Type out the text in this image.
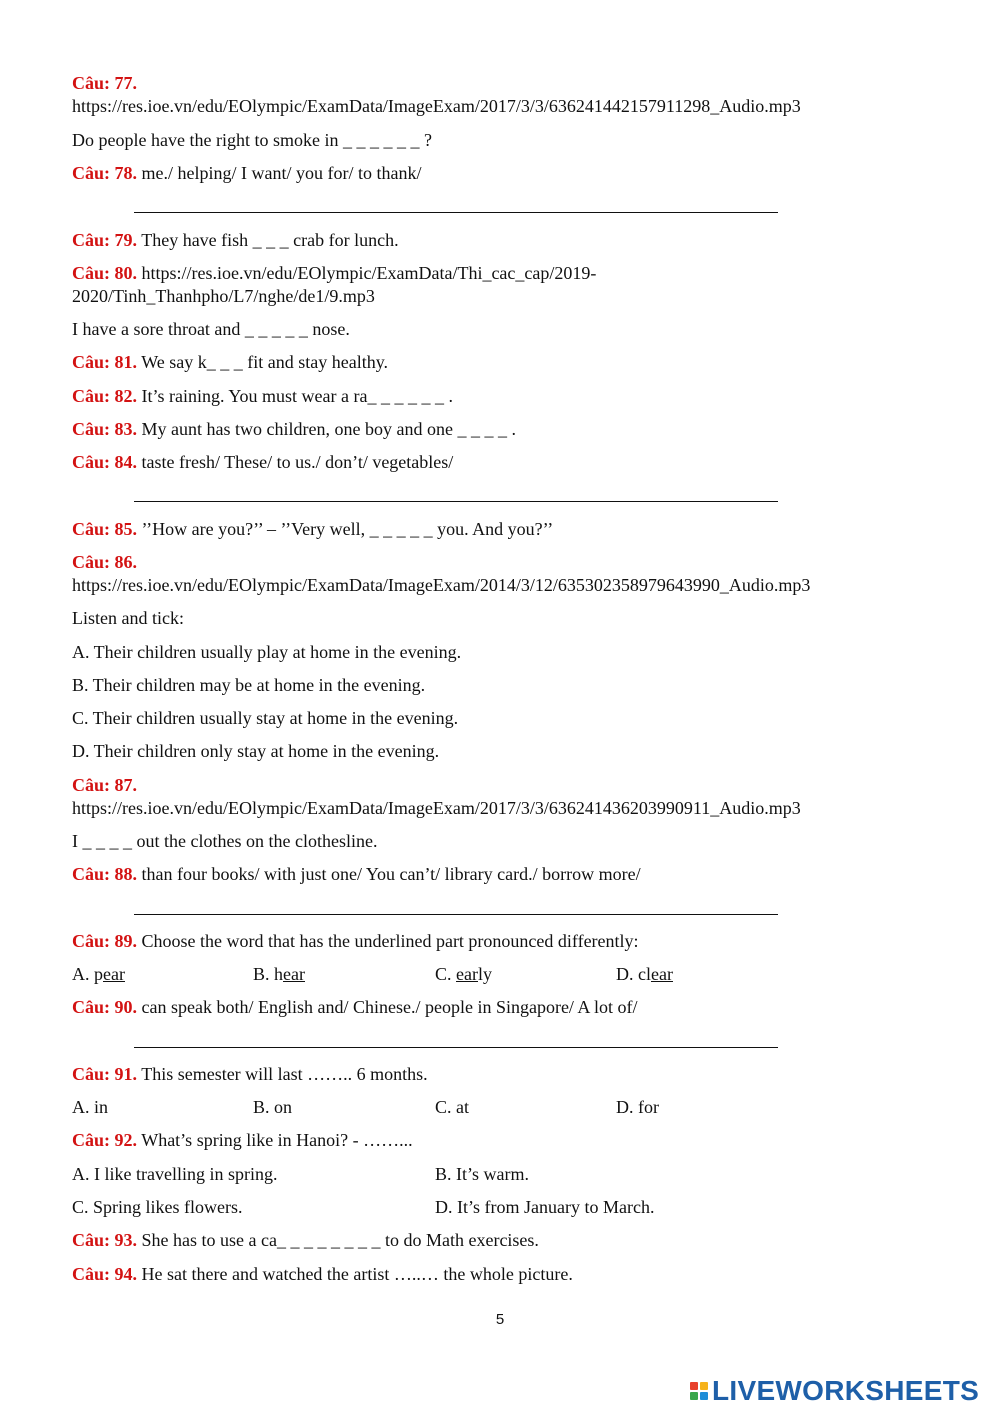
Câu: 77.
https://res.ioe.vn/edu/EOlympic/ExamData/ImageExam/2017/3/3/636241442157911298_Audio.mp3
Do people have the right to smoke in _ _ _ _ _ _ ?
Câu: 78. me./ helping/ I want/ you for/ to thank/
Câu: 79. They have fish _ _ _ crab for lunch.
Câu: 80. https://res.ioe.vn/edu/EOlympic/ExamData/Thi_cac_cap/2019-
2020/Tinh_Thanhpho/L7/nghe/de1/9.mp3
I have a sore throat and _ _ _ _ _ nose.
Câu: 81. We say k_ _ _ fit and stay healthy.
Câu: 82. It’s raining. You must wear a ra_ _ _ _ _ _ .
Câu: 83. My aunt has two children, one boy and one _ _ _ _ .
Câu: 84. taste fresh/ These/ to us./ don’t/ vegetables/
Câu: 85. ’’How are you?’’ – ’’Very well, _ _ _ _ _ you. And you?’’
Câu: 86.
https://res.ioe.vn/edu/EOlympic/ExamData/ImageExam/2014/3/12/635302358979643990_Audio.mp3
Listen and tick:
A. Their children usually play at home in the evening.
B. Their children may be at home in the evening.
C. Their children usually stay at home in the evening.
D. Their children only stay at home in the evening.
Câu: 87.
https://res.ioe.vn/edu/EOlympic/ExamData/ImageExam/2017/3/3/636241436203990911_Audio.mp3
I _ _ _ _ out the clothes on the clothesline.
Câu: 88. than four books/ with just one/ You can’t/ library card./ borrow more/
Câu: 89. Choose the word that has the underlined part pronounced differently:
A. pear	B. hear	C. early	D. clear
Câu: 90. can speak both/ English and/ Chinese./ people in Singapore/ A lot of/
Câu: 91. This semester will last …….. 6 months.
A. in	B. on	C. at	D. for
Câu: 92. What’s spring like in Hanoi? - ……...
A. I like travelling in spring.	B. It’s warm.
C. Spring likes flowers.	D. It’s from January to March.
Câu: 93. She has to use a ca_ _ _ _ _ _ _ _ to do Math exercises.
Câu: 94. He sat there and watched the artist …..… the whole picture.
5
LIVEWORKSHEETS
